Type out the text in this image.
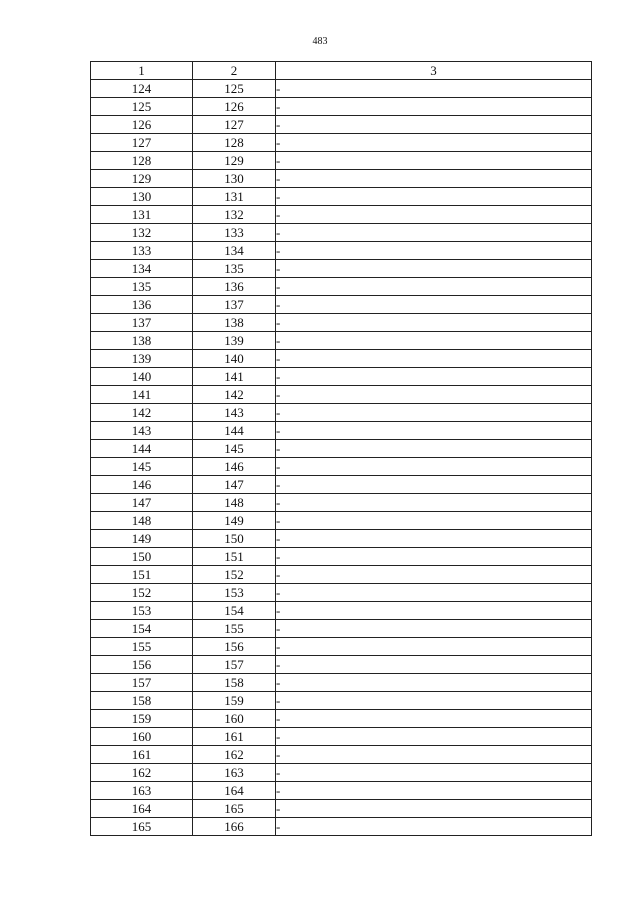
483
1	2	3
124	125	-
125	126	-
126	127	-
127	128	-
128	129	-
129	130	-
130	131	-
131	132	-
132	133	-
133	134	-
134	135	-
135	136	-
136	137	-
137	138	-
138	139	-
139	140	-
140	141	-
141	142	-
142	143	-
143	144	-
144	145	-
145	146	-
146	147	-
147	148	-
148	149	-
149	150	-
150	151	-
151	152	-
152	153	-
153	154	-
154	155	-
155	156	-
156	157	-
157	158	-
158	159	-
159	160	-
160	161	-
161	162	-
162	163	-
163	164	-
164	165	-
165	166	-
